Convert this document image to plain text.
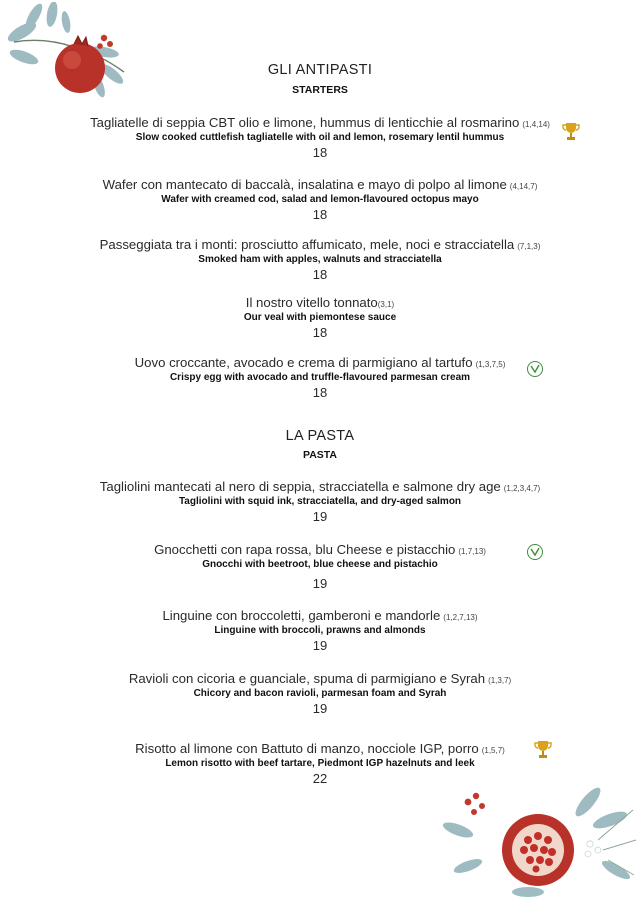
GLI ANTIPASTI
STARTERS
Tagliatelle di seppia CBT olio e limone, hummus di lenticchie al rosmarino (1,4,14)
Slow cooked cuttlefish tagliatelle with oil and lemon, rosemary lentil hummus
18
Wafer con mantecato di baccalà, insalatina e mayo di polpo al limone (4,14,7)
Wafer with creamed cod, salad and lemon-flavoured octopus mayo
18
Passeggiata tra i monti: prosciutto affumicato, mele, noci e stracciatella (7,1,3)
Smoked ham with apples, walnuts and stracciatella
18
Il nostro vitello tonnato(3,1)
Our veal with piemontese sauce
18
Uovo croccante, avocado e crema di parmigiano al tartufo (1,3,7,5)
Crispy egg with avocado and truffle-flavoured parmesan cream
18
LA PASTA
PASTA
Tagliolini mantecati al nero di seppia, stracciatella e salmone dry age (1,2,3,4,7)
Tagliolini with squid ink, stracciatella, and dry-aged salmon
19
Gnocchetti con rapa rossa, blu Cheese e pistacchio (1,7,13)
Gnocchi with beetroot, blue cheese and pistachio
19
Linguine con broccoletti, gamberoni e mandorle (1,2,7,13)
Linguine with broccoli, prawns and almonds
19
Ravioli con cicoria e guanciale, spuma di parmigiano e Syrah (1,3,7)
Chicory and bacon ravioli, parmesan foam and Syrah
19
Risotto al limone con Battuto di manzo, nocciole IGP, porro (1,5,7)
Lemon risotto with beef tartare, Piedmont IGP hazelnuts and leek
22
